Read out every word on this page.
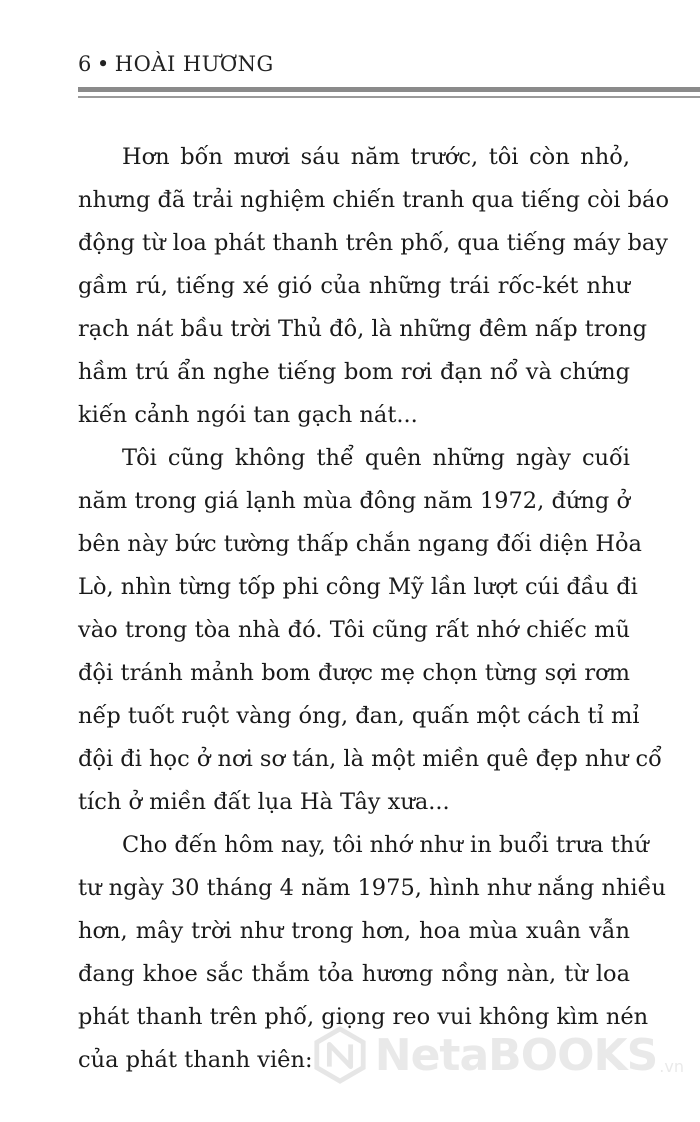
6 • HOÀI HƯƠNG
Hơn bốn mươi sáu năm trước, tôi còn nhỏ,
nhưng đã trải nghiệm chiến tranh qua tiếng còi báo
động từ loa phát thanh trên phố, qua tiếng máy bay
gầm rú, tiếng xé gió của những trái rốc-két như
rạch nát bầu trời Thủ đô, là những đêm nấp trong
hầm trú ẩn nghe tiếng bom rơi đạn nổ và chứng
kiến cảnh ngói tan gạch nát...
Tôi cũng không thể quên những ngày cuối
năm trong giá lạnh mùa đông năm 1972, đứng ở
bên này bức tường thấp chắn ngang đối diện Hỏa
Lò, nhìn từng tốp phi công Mỹ lần lượt cúi đầu đi
vào trong tòa nhà đó. Tôi cũng rất nhớ chiếc mũ
đội tránh mảnh bom được mẹ chọn từng sợi rơm
nếp tuốt ruột vàng óng, đan, quấn một cách tỉ mỉ
đội đi học ở nơi sơ tán, là một miền quê đẹp như cổ
tích ở miền đất lụa Hà Tây xưa...
Cho đến hôm nay, tôi nhớ như in buổi trưa thứ
tư ngày 30 tháng 4 năm 1975, hình như nắng nhiều
hơn, mây trời như trong hơn, hoa mùa xuân vẫn
đang khoe sắc thắm tỏa hương nồng nàn, từ loa
phát thanh trên phố, giọng reo vui không kìm nén
của phát thanh viên:	NetaBOOKS .vn
